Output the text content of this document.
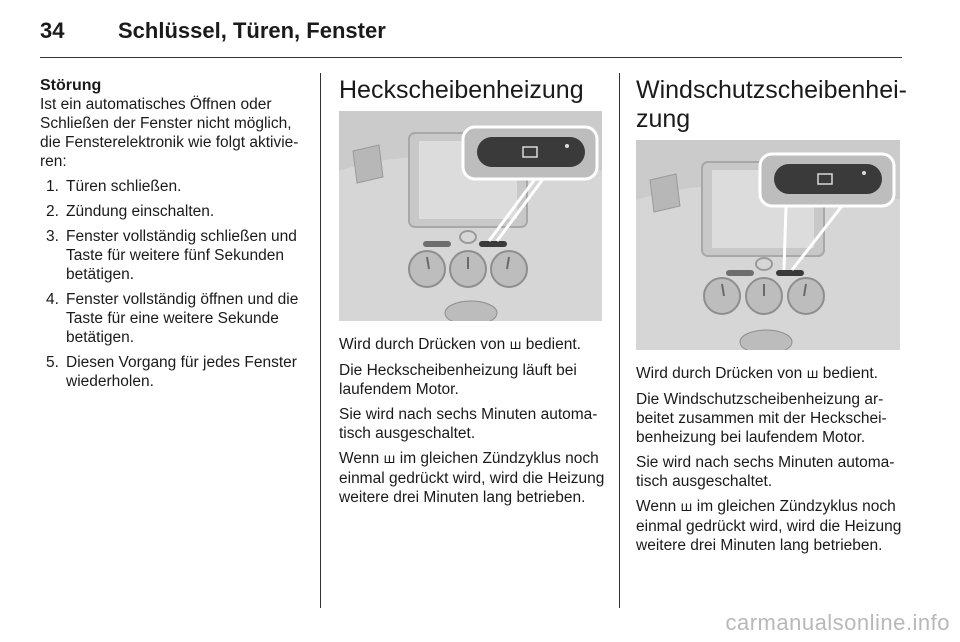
34 Schlüssel, Türen, Fenster
Störung

Ist ein automatisches Öffnen oder Schließen der Fenster nicht möglich, die Fensterelektronik wie folgt aktivie-ren:

1. Türen schließen.
2. Zündung einschalten.
3. Fenster vollständig schließen und Taste für weitere fünf Sekunden betätigen.
4. Fenster vollständig öffnen und die Taste für eine weitere Sekunde betätigen.
5. Diesen Vorgang für jedes Fenster wiederholen.
Heckscheibenheizung

Wird durch Drücken von ш bedient.

Die Heckscheibenheizung läuft bei laufendem Motor.

Sie wird nach sechs Minuten automa-tisch ausgeschaltet.

Wenn ш im gleichen Zündzyklus noch einmal gedrückt wird, wird die Heizung weitere drei Minuten lang betrieben.

Windschutzscheibenhei-zung

Wird durch Drücken von ш bedient.

Die Windschutzscheibenheizung ar-beitet zusammen mit der Heckschei-benheizung bei laufendem Motor.

Sie wird nach sechs Minuten automa-tisch ausgeschaltet.

Wenn ш im gleichen Zündzyklus noch einmal gedrückt wird, wird die Heizung weitere drei Minuten lang betrieben.

carmanualsonline.info
